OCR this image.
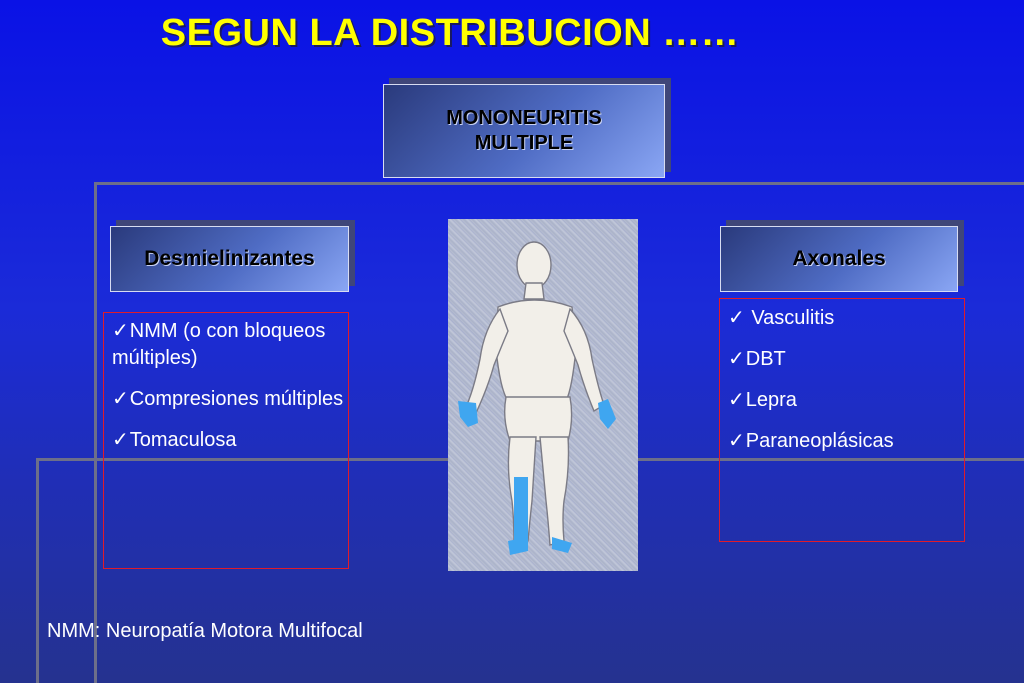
SEGUN LA DISTRIBUCION ……
MONONEURITIS
MULTIPLE
Desmielinizantes	Axonales
✓NMM (o con bloqueos múltiples)
✓Compresiones múltiples
✓Tomaculosa
✓ Vasculitis
✓DBT
✓Lepra
✓Paraneoplásicas
NMM: Neuropatía Motora Multifocal
